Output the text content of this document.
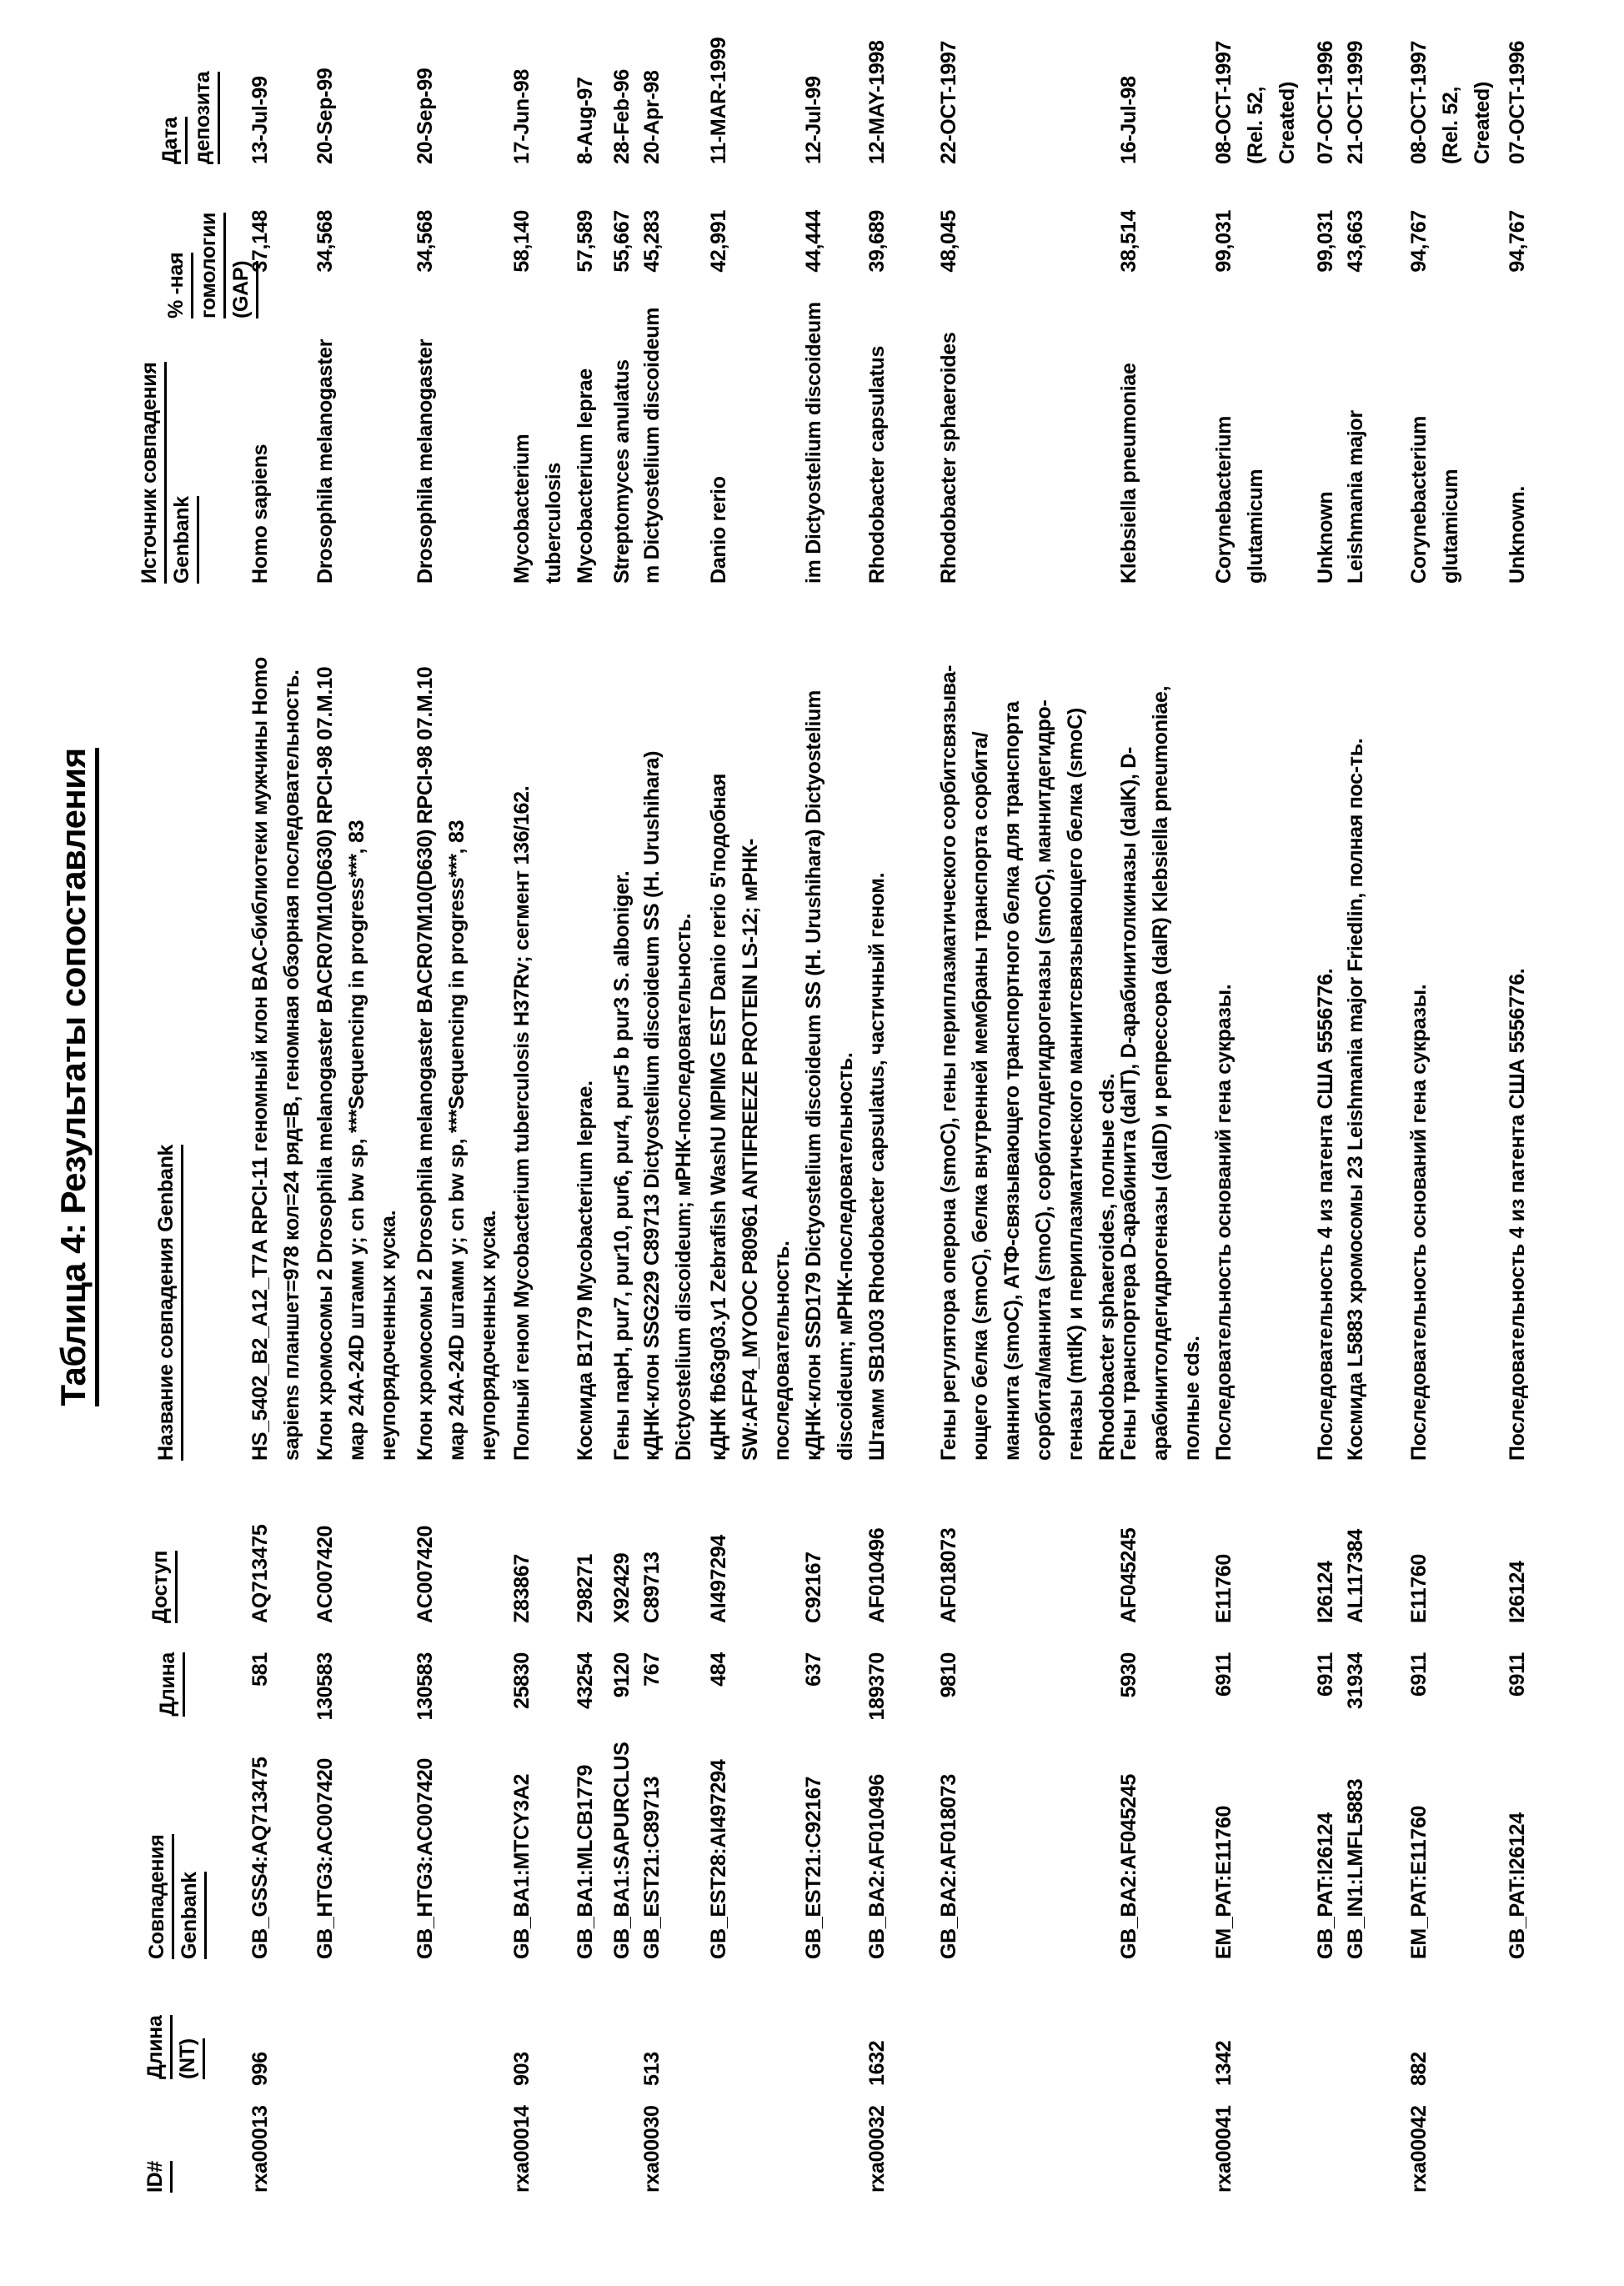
Таблица 4: Результаты сопоставления
ID#
Длина (NT)
Совпадения Genbank
Длина
Доступ
Название совпадения Genbank
Источник совпадения Genbank
% -ная гомологии (GAP)
Дата депозита
rxa00013
996
GB_GSS4:AQ713475
581
AQ713475
HS_5402_B2_A12_T7A RPCI-11 геномный клон BAC-библиотеки мужчины Homo sapiens планшет=978 кол=24 ряд=В, геномная обзорная последовательность.
Homo sapiens
37,148
13-Jul-99
GB_HTG3:AC007420
130583
AC007420
Клон хромосомы 2 Drosophila melanogaster BACR07M10(D630) RPCI-98 07.M.10 мар 24A-24D штамм y; cn bw sp, ***Sequencing in progress***, 83 неупорядоченных куска.
Drosophila melanogaster
34,568
20-Sep-99
GB_HTG3:AC007420
130583
AC007420
Клон хромосомы 2 Drosophila melanogaster BACR07M10(D630) RPCI-98 07.M.10 мар 24A-24D штамм y; cn bw sp, ***Sequencing in progress***, 83 неупорядоченных куска.
Drosophila melanogaster
34,568
20-Sep-99
rxa00014
903
GB_BA1:MTCY3A2
25830
Z83867
Полный геном Mycobacterium tuberculosis H37Rv; сегмент 136/162.
Mycobacterium tuberculosis
58,140
17-Jun-98
GB_BA1:MLCB1779
43254
Z98271
Космида B1779 Mycobacterium leprae.
Mycobacterium leprae
57,589
8-Aug-97
GB_BA1:SAPURCLUS
9120
X92429
Гены парН, pur7, pur10, pur6, pur4, pur5 b pur3 S. alboniger.
Streptomyces anulatus
55,667
28-Feb-96
rxa00030
513
GB_EST21:C89713
767
C89713
кДНК-клон SSG229 C89713 Dictyostelium discoideum SS (H. Urushihara) Dictyostelium discoideum; мРНК-последовательность.
m Dictyostelium discoideum
45,283
20-Apr-98
GB_EST28:AI497294
484
AI497294
кДНК fb63g03.y1 Zebrafish WashU MPIMG EST Danio rerio 5'подобная SW:AFP4_MYOOC P80961 ANTIFREEZE PROTEIN LS-12; мРНК- последовательность.
Danio rerio
42,991
11-MAR-1999
GB_EST21:C92167
637
C92167
кДНК-клон SSD179 Dictyostelium discoideum SS (H. Urushihara) Dictyostelium discoideum; мРНК-последовательность.
im Dictyostelium discoideum
44,444
12-Jul-99
rxa00032
1632
GB_BA2:AF010496
189370
AF010496
Штамм SB1003 Rhodobacter capsulatus, частичный геном.
Rhodobacter capsulatus
39,689
12-MAY-1998
GB_BA2:AF018073
9810
AF018073
Гены регулятора оперона (smoC), гены периплазматического сорбитсвязыва- ющего белка (smoC), белка внутренней мембраны транспорта сорбита/ маннита (smoC), АТФ-связывающего транспортного белка для транспорта сорбита/маннита (smoC), сорбитолдегидрогеназы (smoC), маннитдегидро- геназы (mtlK) и периплазматического маннитсвязывающего белка (smoC) Rhodobacter sphaeroides, полные cds.
Rhodobacter sphaeroides
48,045
22-OCT-1997
GB_BA2:AF045245
5930
AF045245
Гены транспортера D-арабинита (dalT), D-арабинитолкиназы (dalK), D- арабинитолдегидрогеназы (dalD) и репрессора (dalR) Klebsiella pneumoniae, полные cds.
Klebsiella pneumoniae
38,514
16-Jul-98
rxa00041
1342
EM_PAT:E11760
6911
E11760
Последовательность оснований гена сукразы.
Corynebacterium glutamicum
99,031
08-OCT-1997 (Rel. 52, Created)
GB_PAT:I26124
6911
I26124
Последовательность 4 из патента США 5556776.
Unknown
99,031
07-OCT-1996
GB_IN1:LMFL5883
31934
AL117384
Космида L5883 хромосомы 23 Leishmania major Friedlin, полная пос-ть.
Leishmania major
43,663
21-OCT-1999
rxa00042
882
EM_PAT:E11760
6911
E11760
Последовательность оснований гена сукразы.
Corynebacterium glutamicum
94,767
08-OCT-1997 (Rel. 52, Created)
GB_PAT:I26124
6911
I26124
Последовательность 4 из патента США 5556776.
Unknown.
94,767
07-OCT-1996
